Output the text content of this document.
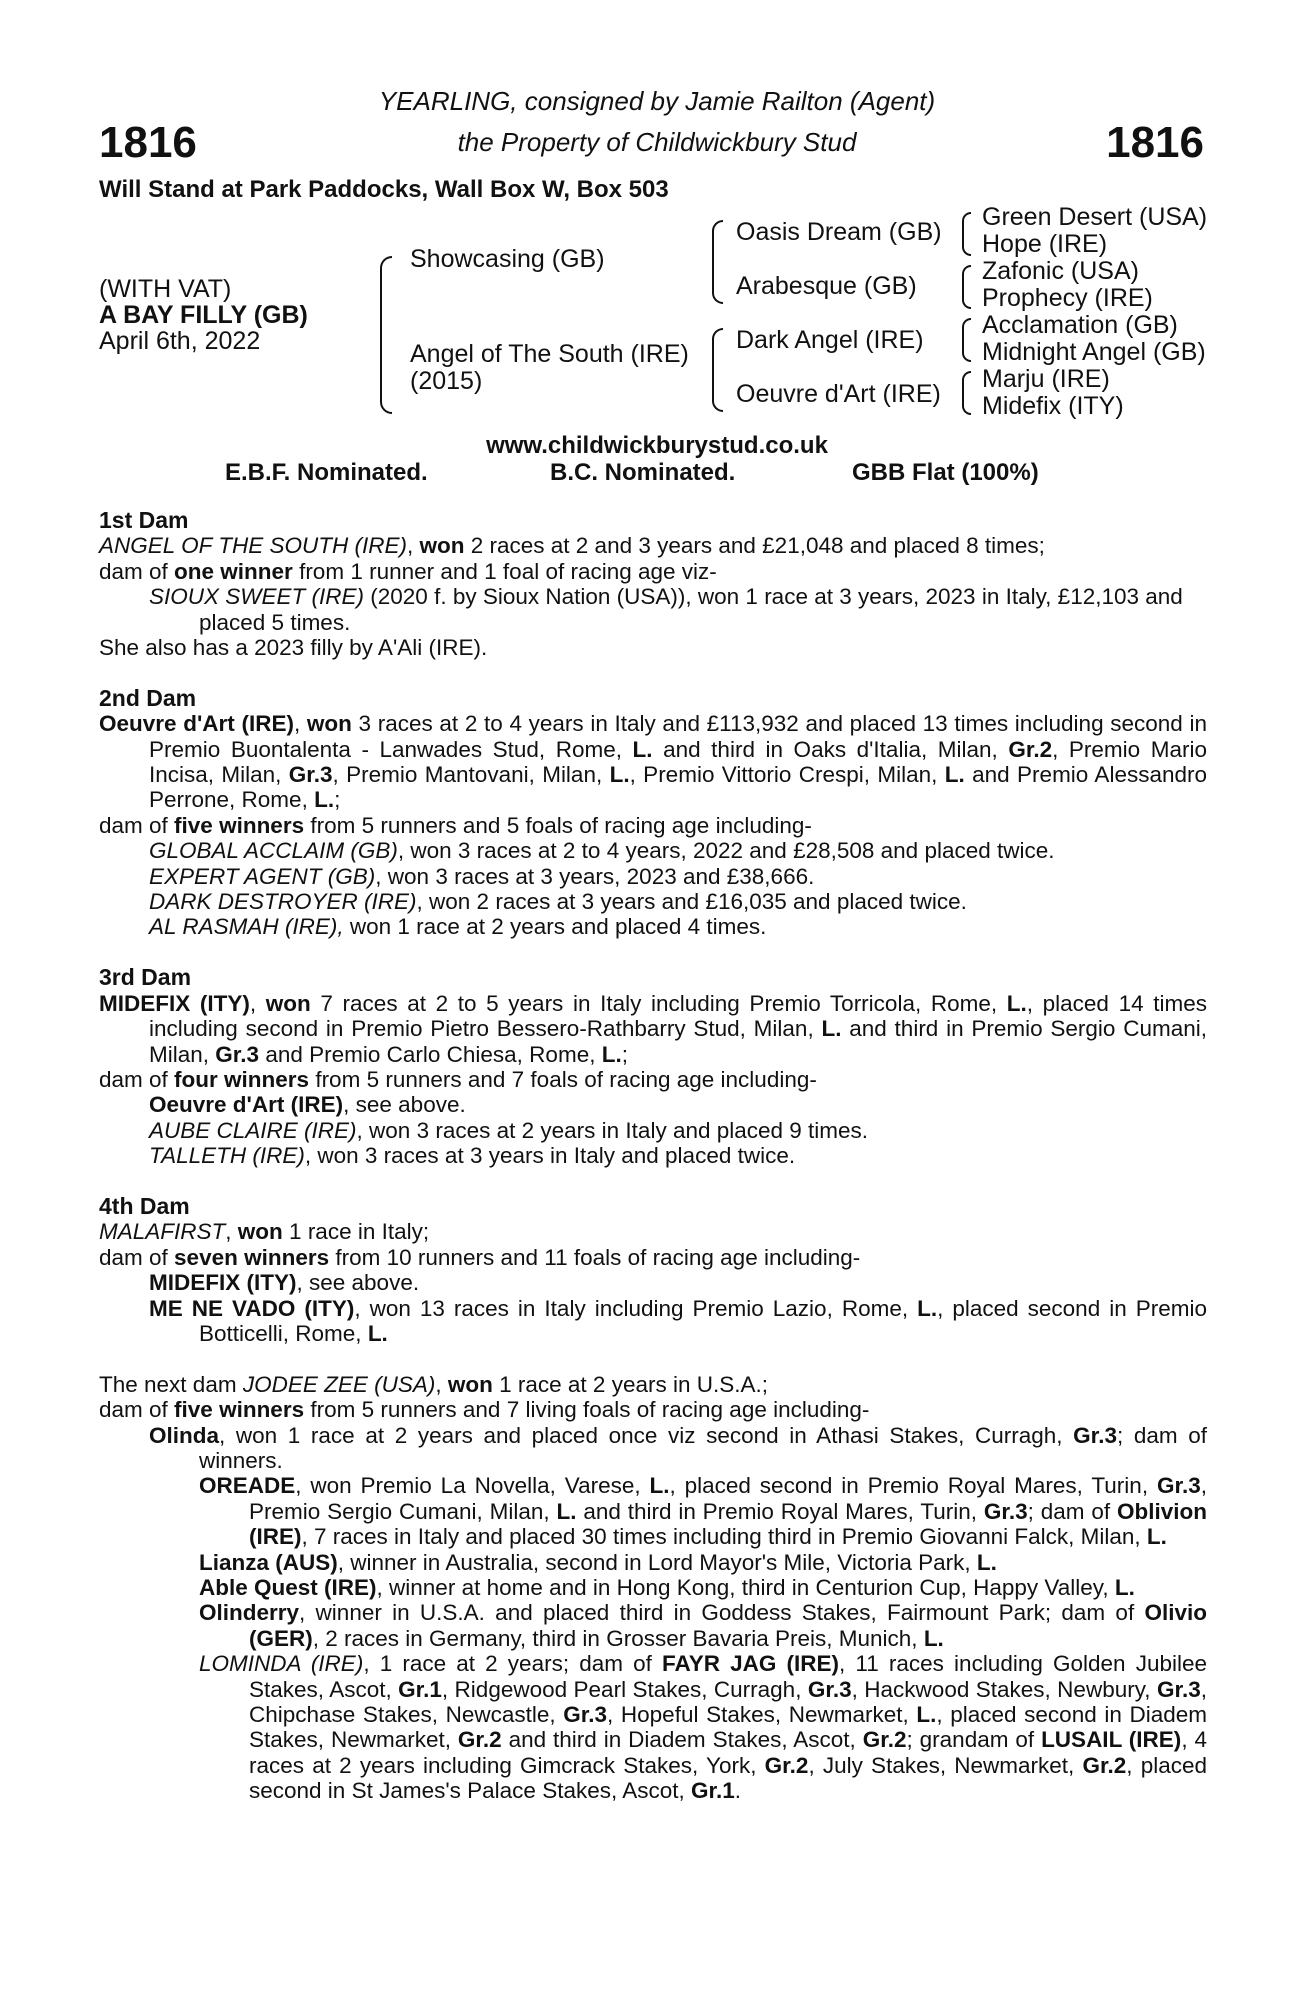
1816	1816
YEARLING, consigned by Jamie Railton (Agent)
the Property of Childwickbury Stud
Will Stand at Park Paddocks, Wall Box W, Box 503
(WITH VAT)
A BAY FILLY (GB)
April 6th, 2022
Showcasing (GB)
Angel of The South (IRE)
(2015)
Oasis Dream (GB)
Arabesque (GB)
Dark Angel (IRE)
Oeuvre d'Art (IRE)
Green Desert (USA)
Hope (IRE)
Zafonic (USA)
Prophecy (IRE)
Acclamation (GB)
Midnight Angel (GB)
Marju (IRE)
Midefix (ITY)
www.childwickburystud.co.uk
E.B.F. Nominated.	B.C. Nominated.	GBB Flat (100%)

1st Dam

ANGEL OF THE SOUTH (IRE), won 2 races at 2 and 3 years and £21,048 and placed 8 times;

dam of one winner from 1 runner and 1 foal of racing age viz-

SIOUX SWEET (IRE) (2020 f. by Sioux Nation (USA)), won 1 race at 3 years, 2023 in Italy, £12,103 and placed 5 times.

She also has a 2023 filly by A'Ali (IRE).

2nd Dam

Oeuvre d'Art (IRE), won 3 races at 2 to 4 years in Italy and £113,932 and placed 13 times including second in Premio Buontalenta - Lanwades Stud, Rome, L. and third in Oaks d'Italia, Milan, Gr.2, Premio Mario Incisa, Milan, Gr.3, Premio Mantovani, Milan, L., Premio Vittorio Crespi, Milan, L. and Premio Alessandro Perrone, Rome, L.;

dam of five winners from 5 runners and 5 foals of racing age including-

GLOBAL ACCLAIM (GB), won 3 races at 2 to 4 years, 2022 and £28,508 and placed twice.

EXPERT AGENT (GB), won 3 races at 3 years, 2023 and £38,666.

DARK DESTROYER (IRE), won 2 races at 3 years and £16,035 and placed twice.

AL RASMAH (IRE), won 1 race at 2 years and placed 4 times.

3rd Dam

MIDEFIX (ITY), won 7 races at 2 to 5 years in Italy including Premio Torricola, Rome, L., placed 14 times including second in Premio Pietro Bessero-Rathbarry Stud, Milan, L. and third in Premio Sergio Cumani, Milan, Gr.3 and Premio Carlo Chiesa, Rome, L.;

dam of four winners from 5 runners and 7 foals of racing age including-

Oeuvre d'Art (IRE), see above.

AUBE CLAIRE (IRE), won 3 races at 2 years in Italy and placed 9 times.

TALLETH (IRE), won 3 races at 3 years in Italy and placed twice.

4th Dam

MALAFIRST, won 1 race in Italy;

dam of seven winners from 10 runners and 11 foals of racing age including-

MIDEFIX (ITY), see above.

ME NE VADO (ITY), won 13 races in Italy including Premio Lazio, Rome, L., placed second in Premio Botticelli, Rome, L.

The next dam JODEE ZEE (USA), won 1 race at 2 years in U.S.A.;

dam of five winners from 5 runners and 7 living foals of racing age including-

Olinda, won 1 race at 2 years and placed once viz second in Athasi Stakes, Curragh, Gr.3; dam of winners.

OREADE, won Premio La Novella, Varese, L., placed second in Premio Royal Mares, Turin, Gr.3, Premio Sergio Cumani, Milan, L. and third in Premio Royal Mares, Turin, Gr.3; dam of Oblivion (IRE), 7 races in Italy and placed 30 times including third in Premio Giovanni Falck, Milan, L.

Lianza (AUS), winner in Australia, second in Lord Mayor's Mile, Victoria Park, L.

Able Quest (IRE), winner at home and in Hong Kong, third in Centurion Cup, Happy Valley, L.

Olinderry, winner in U.S.A. and placed third in Goddess Stakes, Fairmount Park; dam of Olivio (GER), 2 races in Germany, third in Grosser Bavaria Preis, Munich, L.

LOMINDA (IRE), 1 race at 2 years; dam of FAYR JAG (IRE), 11 races including Golden Jubilee Stakes, Ascot, Gr.1, Ridgewood Pearl Stakes, Curragh, Gr.3, Hackwood Stakes, Newbury, Gr.3, Chipchase Stakes, Newcastle, Gr.3, Hopeful Stakes, Newmarket, L., placed second in Diadem Stakes, Newmarket, Gr.2 and third in Diadem Stakes, Ascot, Gr.2; grandam of LUSAIL (IRE), 4 races at 2 years including Gimcrack Stakes, York, Gr.2, July Stakes, Newmarket, Gr.2, placed second in St James's Palace Stakes, Ascot, Gr.1.
